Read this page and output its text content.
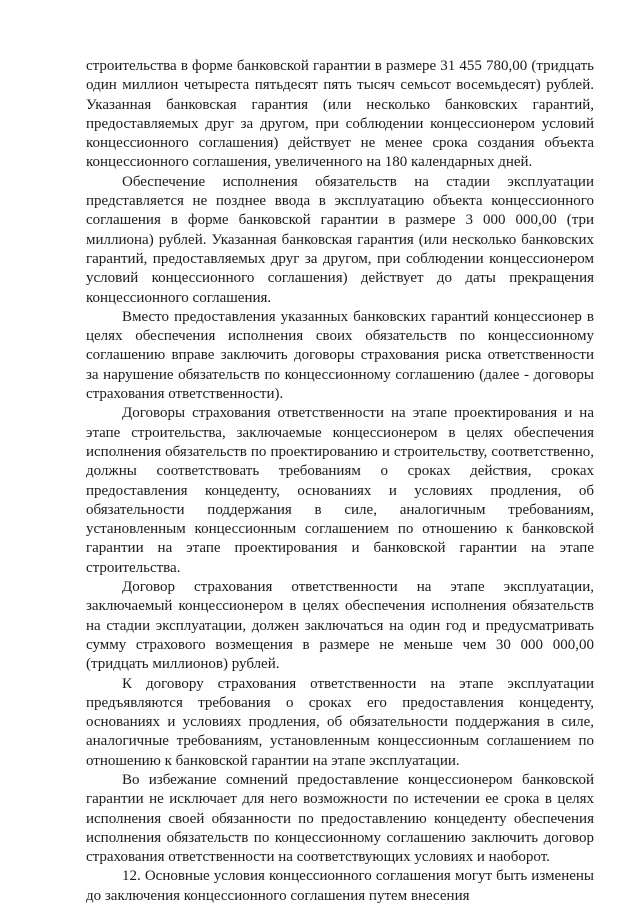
строительства в форме банковской гарантии в размере 31 455 780,00 (тридцать один миллион четыреста пятьдесят пять тысяч семьсот восемьдесят) рублей. Указанная банковская гарантия (или несколько банковских гарантий, предоставляемых друг за другом, при соблюдении концессионером условий концессионного соглашения) действует не менее срока создания объекта концессионного соглашения, увеличенного на 180 календарных дней.

Обеспечение исполнения обязательств на стадии эксплуатации представляется не позднее ввода в эксплуатацию объекта концессионного соглашения в форме банковской гарантии в размере 3 000 000,00 (три миллиона) рублей. Указанная банковская гарантия (или несколько банковских гарантий, предоставляемых друг за другом, при соблюдении концессионером условий концессионного соглашения) действует до даты прекращения концессионного соглашения.

Вместо предоставления указанных банковских гарантий концессионер в целях обеспечения исполнения своих обязательств по концессионному соглашению вправе заключить договоры страхования риска ответственности за нарушение обязательств по концессионному соглашению (далее - договоры страхования ответственности).

Договоры страхования ответственности на этапе проектирования и на этапе строительства, заключаемые концессионером в целях обеспечения исполнения обязательств по проектированию и строительству, соответственно, должны соответствовать требованиям о сроках действия, сроках предоставления концеденту, основаниях и условиях продления, об обязательности поддержания в силе, аналогичным требованиям, установленным концессионным соглашением по отношению к банковской гарантии на этапе проектирования и банковской гарантии на этапе строительства.

Договор страхования ответственности на этапе эксплуатации, заключаемый концессионером в целях обеспечения исполнения обязательств на стадии эксплуатации, должен заключаться на один год и предусматривать сумму страхового возмещения в размере не меньше чем 30 000 000,00 (тридцать миллионов) рублей.

К договору страхования ответственности на этапе эксплуатации предъявляются требования о сроках его предоставления концеденту, основаниях и условиях продления, об обязательности поддержания в силе, аналогичные требованиям, установленным концессионным соглашением по отношению к банковской гарантии на этапе эксплуатации.

Во избежание сомнений предоставление концессионером банковской гарантии не исключает для него возможности по истечении ее срока в целях исполнения своей обязанности по предоставлению концеденту обеспечения исполнения обязательств по концессионному соглашению заключить договор страхования ответственности на соответствующих условиях и наоборот.

12. Основные условия концессионного соглашения могут быть изменены до заключения концессионного соглашения путем внесения
